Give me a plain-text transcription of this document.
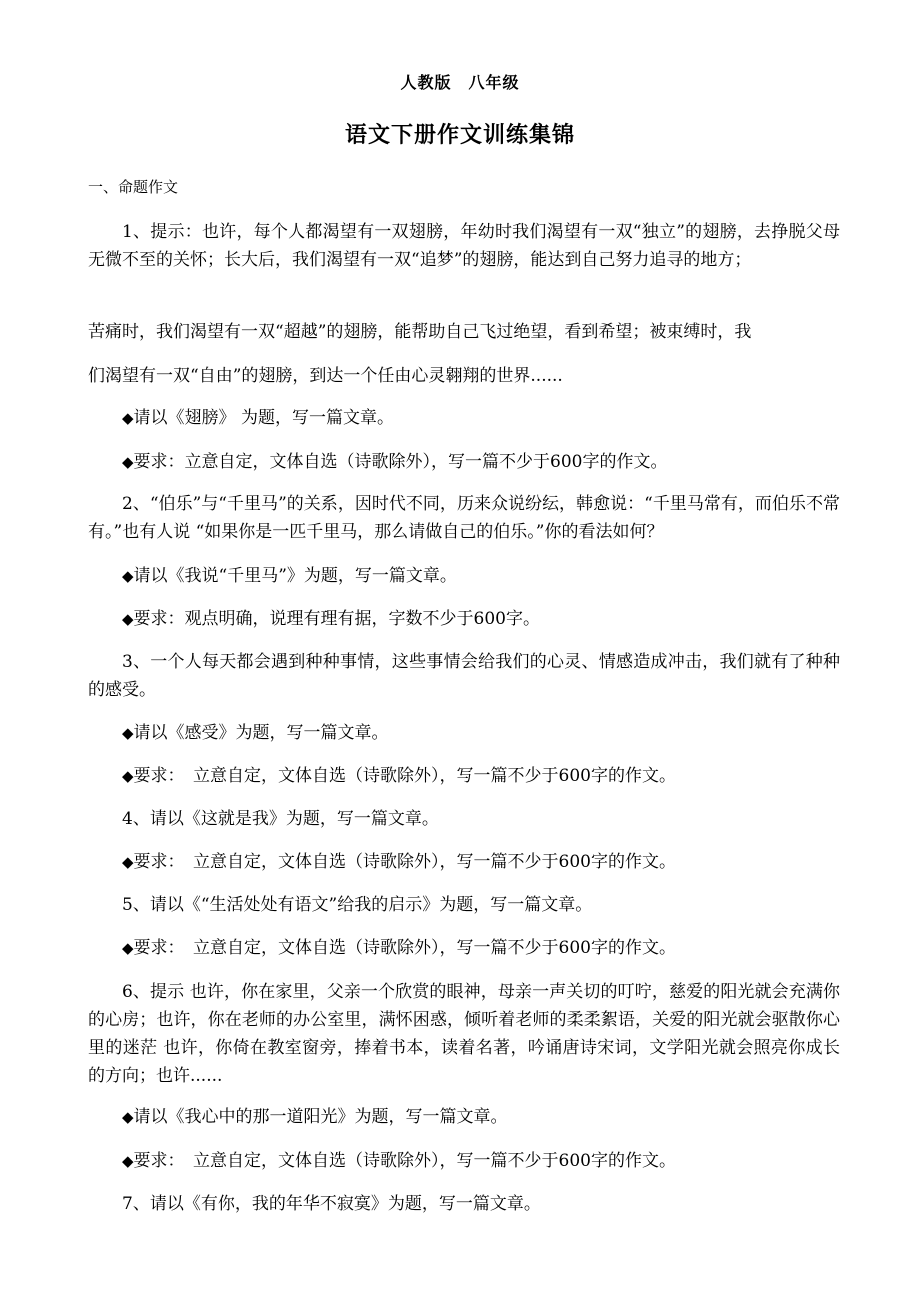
人教版　八年级
语文下册作文训练集锦
一、命题作文
1、提示：也许，每个人都渴望有一双翅膀，年幼时我们渴望有一双“独立”的翅膀，去挣脱父母无微不至的关怀；长大后，我们渴望有一双“追梦”的翅膀，能达到自己努力追寻的地方；
苦痛时，我们渴望有一双“超越”的翅膀，能帮助自己飞过绝望，看到希望；被束缚时，我
们渴望有一双“自由”的翅膀，到达一个任由心灵翱翔的世界......
◆请以《翅膀》 为题，写一篇文章。
◆要求：立意自定，文体自选（诗歌除外），写一篇不少于600字的作文。
2、“伯乐”与“千里马”的关系，因时代不同，历来众说纷纭，韩愈说：“千里马常有，而伯乐不常有。”也有人说 “如果你是一匹千里马，那么请做自己的伯乐。”你的看法如何？
◆请以《我说“千里马”》为题，写一篇文章。
◆要求：观点明确，说理有理有据，字数不少于600字。
3、一个人每天都会遇到种种事情，这些事情会给我们的心灵、情感造成冲击，我们就有了种种的感受。
◆请以《感受》为题，写一篇文章。
◆要求：　立意自定，文体自选（诗歌除外），写一篇不少于600字的作文。
4、请以《这就是我》为题，写一篇文章。
◆要求：　立意自定，文体自选（诗歌除外），写一篇不少于600字的作文。
5、请以《“生活处处有语文”给我的启示》为题，写一篇文章。
◆要求：　立意自定，文体自选（诗歌除外），写一篇不少于600字的作文。
6、提示 也许，你在家里，父亲一个欣赏的眼神，母亲一声关切的叮咛，慈爱的阳光就会充满你的心房；也许，你在老师的办公室里，满怀困惑，倾听着老师的柔柔絮语，关爱的阳光就会驱散你心里的迷茫 也许，你倚在教室窗旁，捧着书本，读着名著，吟诵唐诗宋词，文学阳光就会照亮你成长的方向；也许......
◆请以《我心中的那一道阳光》为题，写一篇文章。
◆要求：　立意自定，文体自选（诗歌除外），写一篇不少于600字的作文。
7、请以《有你，我的年华不寂寞》为题，写一篇文章。
